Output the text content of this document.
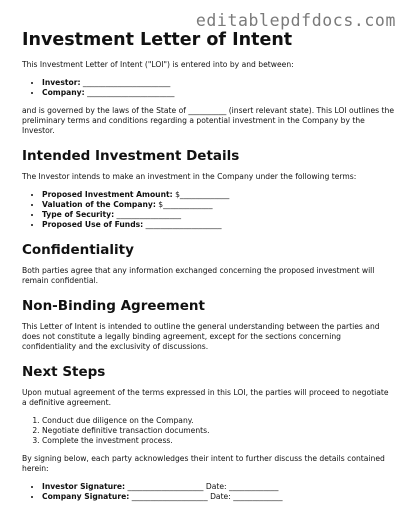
editablepdfdocs.com
Investment Letter of Intent

This Investment Letter of Intent ("LOI") is entered into by and between:

• Investor: _______________________
• Company: _______________________

and is governed by the laws of the State of __________ (insert relevant state). This LOI outlines the preliminary terms and conditions regarding a potential investment in the Company by the Investor.

Intended Investment Details

The Investor intends to make an investment in the Company under the following terms:

• Proposed Investment Amount: $_____________
• Valuation of the Company: $_____________
• Type of Security: _________________
• Proposed Use of Funds: ____________________
Confidentiality

Both parties agree that any information exchanged concerning the proposed investment will remain confidential.

Non-Binding Agreement

This Letter of Intent is intended to outline the general understanding between the parties and does not constitute a legally binding agreement, except for the sections concerning confidentiality and the exclusivity of discussions.

Next Steps

Upon mutual agreement of the terms expressed in this LOI, the parties will proceed to negotiate a definitive agreement.

1. Conduct due diligence on the Company.
2. Negotiate definitive transaction documents.
3. Complete the investment process.

By signing below, each party acknowledges their intent to further discuss the details contained herein:

• Investor Signature: ____________________ Date: _____________
• Company Signature: ____________________ Date: _____________
